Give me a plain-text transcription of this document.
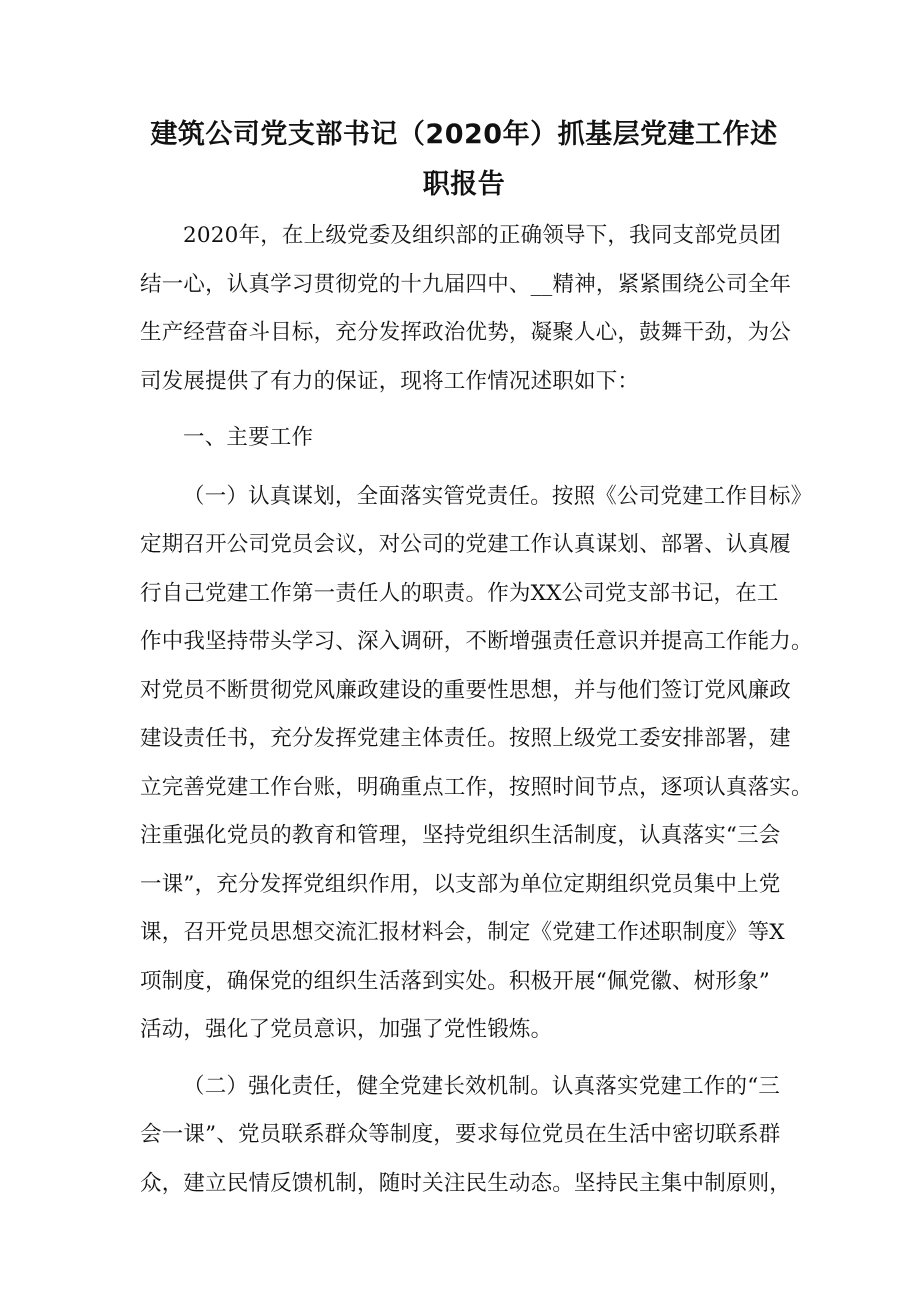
建筑公司党支部书记（2020年）抓基层党建工作述
职报告
2020年，在上级党委及组织部的正确领导下，我同支部党员团
结一心，认真学习贯彻党的十九届四中、__精神，紧紧围绕公司全年
生产经营奋斗目标，充分发挥政治优势，凝聚人心，鼓舞干劲，为公
司发展提供了有力的保证，现将工作情况述职如下：
一、主要工作
（一）认真谋划，全面落实管党责任。按照《公司党建工作目标》
定期召开公司党员会议，对公司的党建工作认真谋划、部署、认真履
行自己党建工作第一责任人的职责。作为XX公司党支部书记，在工
作中我坚持带头学习、深入调研，不断增强责任意识并提高工作能力。
对党员不断贯彻党风廉政建设的重要性思想，并与他们签订党风廉政
建设责任书，充分发挥党建主体责任。按照上级党工委安排部署，建
立完善党建工作台账，明确重点工作，按照时间节点，逐项认真落实。
注重强化党员的教育和管理，坚持党组织生活制度，认真落实“三会
一课”，充分发挥党组织作用，以支部为单位定期组织党员集中上党
课，召开党员思想交流汇报材料会，制定《党建工作述职制度》等X
项制度，确保党的组织生活落到实处。积极开展“佩党徽、树形象”
活动，强化了党员意识，加强了党性锻炼。
（二）强化责任，健全党建长效机制。认真落实党建工作的“三
会一课”、党员联系群众等制度，要求每位党员在生活中密切联系群
众，建立民情反馈机制，随时关注民生动态。坚持民主集中制原则，
